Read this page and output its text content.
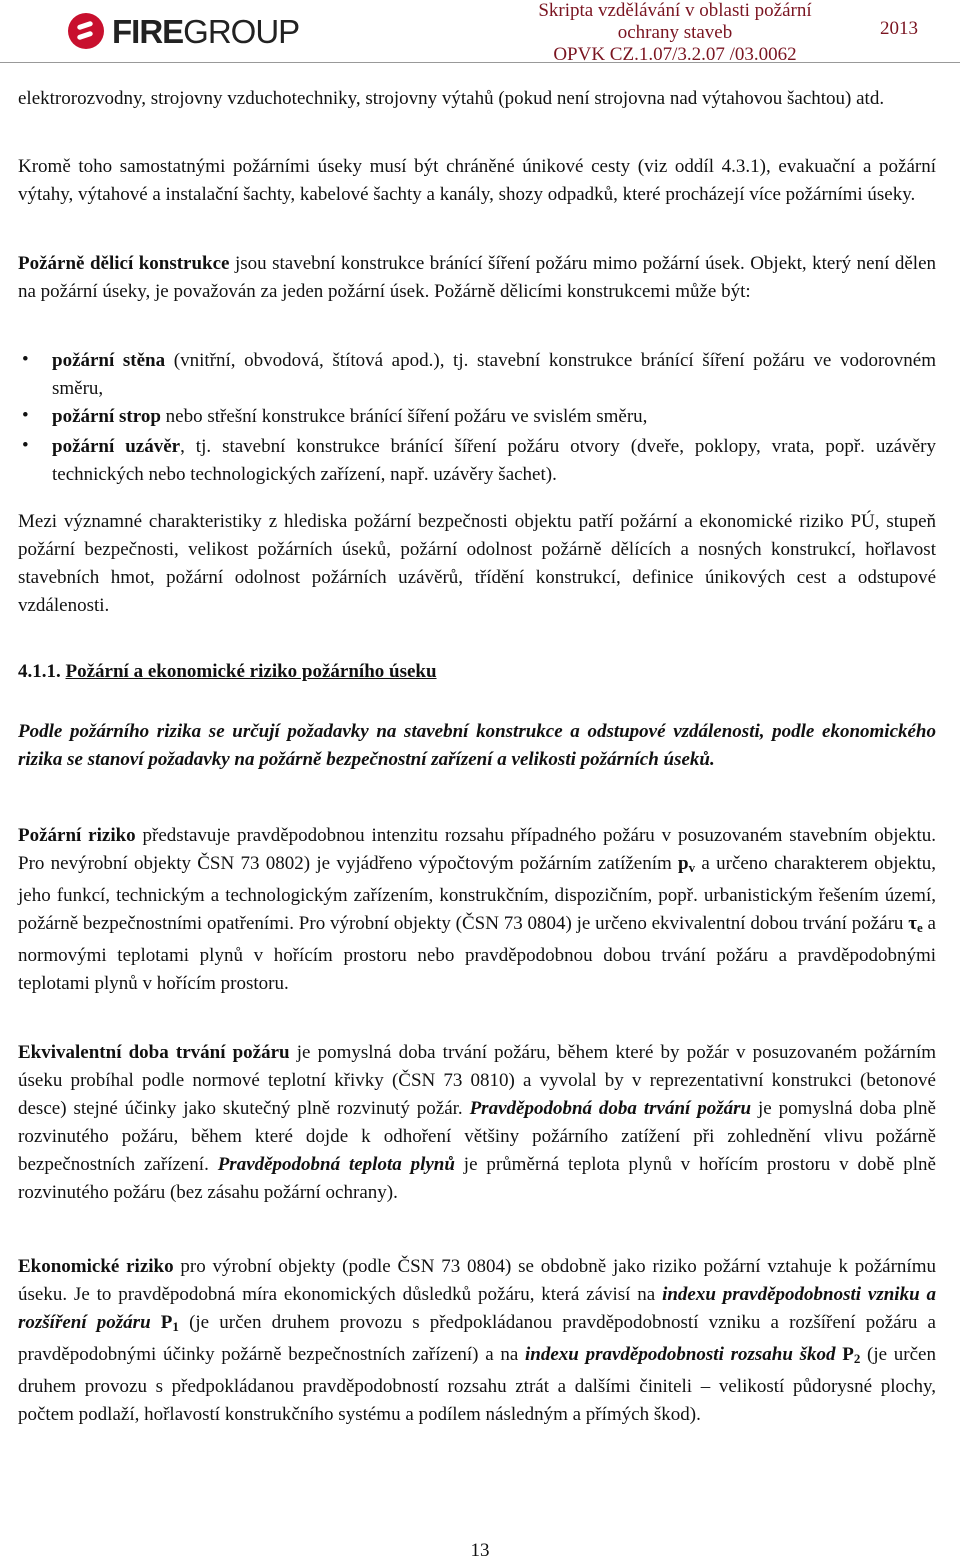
FIREGROUP
Skripta vzdělávání v oblasti požární ochrany staveb
OPVK CZ.1.07/3.2.07 /03.0062
2013

elektrorozvodny, strojovny vzduchotechniky, strojovny výtahů (pokud není strojovna nad výtahovou šachtou) atd.

Kromě toho samostatnými požárními úseky musí být chráněné únikové cesty (viz oddíl 4.3.1), evakuační a požární výtahy, výtahové a instalační šachty, kabelové šachty a kanály, shozy odpadků, které procházejí více požárními úseky.

Požárně dělicí konstrukce jsou stavební konstrukce bránící šíření požáru mimo požární úsek. Objekt, který není dělen na požární úseky, je považován za jeden požární úsek. Požárně dělicími konstrukcemi může být:

• požární stěna (vnitřní, obvodová, štítová apod.), tj. stavební konstrukce bránící šíření požáru ve vodorovném směru,

• požární strop nebo střešní konstrukce bránící šíření požáru ve svislém směru,

• požární uzávěr, tj. stavební konstrukce bránící šíření požáru otvory (dveře, poklopy, vrata, popř. uzávěry technických nebo technologických zařízení, např. uzávěry šachet).

Mezi významné charakteristiky z hlediska požární bezpečnosti objektu patří požární a ekonomické riziko PÚ, stupeň požární bezpečnosti, velikost požárních úseků, požární odolnost požárně dělících a nosných konstrukcí, hořlavost stavebních hmot, požární odolnost požárních uzávěrů, třídění konstrukcí, definice únikových cest a odstupové vzdálenosti.

4.1.1. Požární a ekonomické riziko požárního úseku

Podle požárního rizika se určují požadavky na stavební konstrukce a odstupové vzdálenosti, podle ekonomického rizika se stanoví požadavky na požárně bezpečnostní zařízení a velikosti požárních úseků.

Požární riziko představuje pravděpodobnou intenzitu rozsahu případného požáru v posuzovaném stavebním objektu. Pro nevýrobní objekty ČSN 73 0802) je vyjádřeno výpočtovým požárním zatížením $p_v$ a určeno charakterem objektu, jeho funkcí, technickým a technologickým zařízením, konstrukčním, dispozičním, popř. urbanistickým řešením území, požárně bezpečnostními opatřeními. Pro výrobní objekty (ČSN 73 0804) je určeno ekvivalentní dobou trvání požáru $\tau_e$ a normovými teplotami plynů v hořícím prostoru nebo pravděpodobnou dobou trvání požáru a pravděpodobnými teplotami plynů v hořícím prostoru.

Ekvivalentní doba trvání požáru je pomyslná doba trvání požáru, během které by požár v posuzovaném požárním úseku probíhal podle normové teplotní křivky (ČSN 73 0810) a vyvolal by v reprezentativní konstrukci (betonové desce) stejné účinky jako skutečný plně rozvinutý požár. Pravděpodobná doba trvání požáru je pomyslná doba plně rozvinutého požáru, během které dojde k odhoření většiny požárního zatížení při zohlednění vlivu požárně bezpečnostních zařízení. Pravděpodobná teplota plynů je průměrná teplota plynů v hořícím prostoru v době plně rozvinutého požáru (bez zásahu požární ochrany).

Ekonomické riziko pro výrobní objekty (podle ČSN 73 0804) se obdobně jako riziko požární vztahuje k požárnímu úseku. Je to pravděpodobná míra ekonomických důsledků požáru, která závisí na indexu pravděpodobnosti vzniku a rozšíření požáru $P_1$ (je určen druhem provozu s předpokládanou pravděpodobností vzniku a rozšíření požáru a pravděpodobnými účinky požárně bezpečnostních zařízení) a na indexu pravděpodobnosti rozsahu škod $P_2$ (je určen druhem provozu s předpokládanou pravděpodobností rozsahu ztrát a dalšími činiteli – velikostí půdorysné plochy, počtem podlaží, hořlavostí konstrukčního systému a podílem následným a přímých škod).

13
